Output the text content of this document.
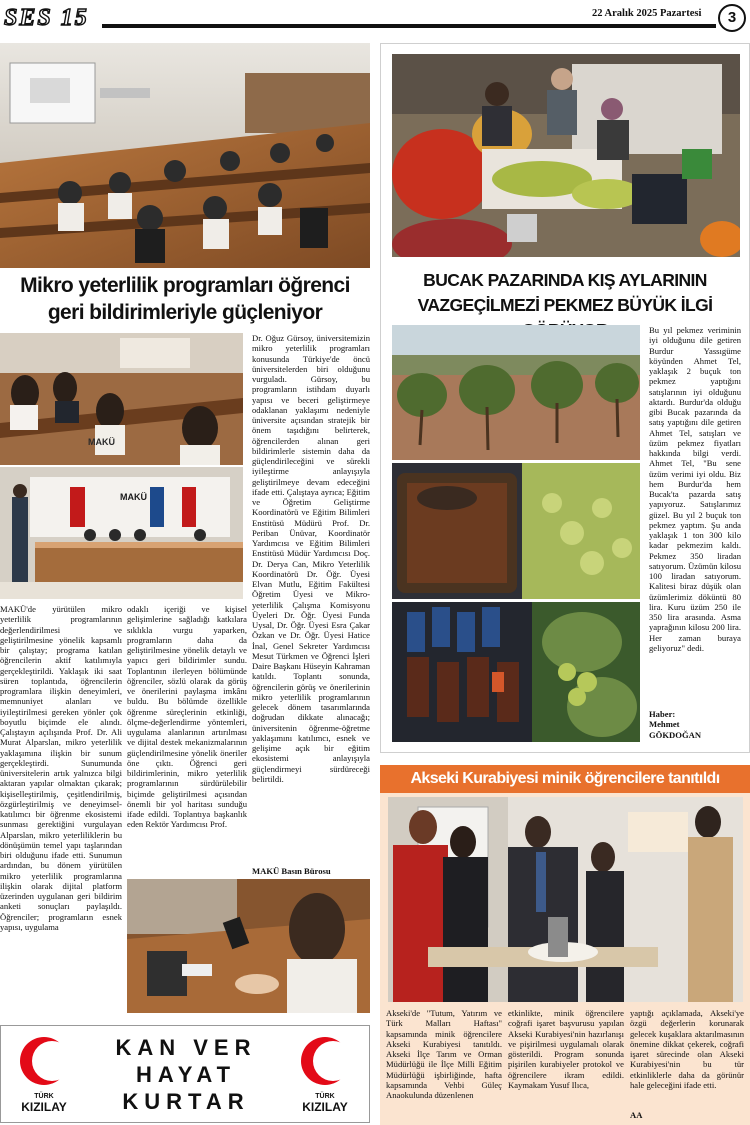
SES 15	22 Aralık 2025 Pazartesi	3
Mikro yeterlilik programları öğrenci geri bildirimleriyle güçleniyor
MAKÜ
MAKÜ
MAKÜ'de yürütülen mikro yeterlilik programlarının değerlendirilmesi ve geliştirilmesine yönelik kapsamlı bir çalıştay; programa katılan öğrencilerin aktif katılımıyla gerçekleştirildi. Yaklaşık iki saat süren toplantıda, öğrencilerin programlara ilişkin deneyimleri, memnuniyet alanları ve iyileştirilmesi gereken yönler çok boyutlu biçimde ele alındı. Çalıştayın açılışında Prof. Dr. Ali Murat Alparslan, mikro yeterlilik yaklaşımına ilişkin bir sunum gerçekleştirdi. Sunumunda üniversitelerin artık yalnızca bilgi aktaran yapılar olmaktan çıkarak; kişiselleştirilmiş, çeşitlendirilmiş, özgürleştirilmiş ve deneyimsel-katılımcı bir öğrenme ekosistemi sunması gerektiğini vurgulayan Alparslan, mikro yeterliliklerin bu dönüşümün temel yapı taşlarından biri olduğunu ifade etti. Sunumun ardından, bu dönem yürütülen mikro yeterlilik programlarına ilişkin olarak dijital platform üzerinden uygulanan geri bildirim anketi sonuçları paylaşıldı. Öğrenciler; programların esnek yapısı, uygulama
odaklı içeriği ve kişisel gelişimlerine sağladığı katkılara sıklıkla vurgu yaparken, programların daha da geliştirilmesine yönelik detaylı ve yapıcı geri bildirimler sundu. Toplantının ilerleyen bölümünde öğrenciler, sözlü olarak da görüş ve önerilerini paylaşma imkânı buldu. Bu bölümde özellikle öğrenme süreçlerinin etkinliği, ölçme-değerlendirme yöntemleri, uygulama alanlarının artırılması ve dijital destek mekanizmalarının güçlendirilmesine yönelik öneriler öne çıktı. Öğrenci geri bildirimlerinin, mikro yeterlilik programlarının sürdürülebilir biçimde geliştirilmesi açısından önemli bir yol haritası sunduğu ifade edildi. Toplantıya başkanlık eden Rektör Yardımcısı Prof.
Dr. Oğuz Gürsoy, üniversitemizin mikro yeterlilik programları konusunda Türkiye'de öncü üniversitelerden biri olduğunu vurguladı. Gürsoy, bu programların istihdam duyarlı yapısı ve beceri geliştirmeye odaklanan yaklaşımı nedeniyle üniversite açısından stratejik bir önem taşıdığını belirterek, öğrencilerden alınan geri bildirimlerle sistemin daha da güçlendirileceğini ve sürekli iyileştirme anlayışıyla geliştirilmeye devam edeceğini ifade etti. Çalıştaya ayrıca; Eğitim ve Öğretim Geliştirme Koordinatörü ve Eğitim Bilimleri Enstitüsü Müdürü Prof. Dr. Periban Ünüvar, Koordinatör Yardımcısı ve Eğitim Bilimleri Enstitüsü Müdür Yardımcısı Doç. Dr. Derya Can, Mikro Yeterlilik Koordinatörü Dr. Öğr. Üyesi Elvan Mutlu, Eğitim Fakültesi Öğretim Üyesi ve Mikro-yeterlilik Çalışma Komisyonu Üyeleri Dr. Öğr. Üyesi Funda Uysal, Dr. Öğr. Üyesi Esra Çakar Özkan ve Dr. Öğr. Üyesi Hatice İnal, Genel Sekreter Yardımcısı Mesut Türkmen ve Öğrenci İşleri Daire Başkanı Hüseyin Kahraman katıldı. Toplantı sonunda, öğrencilerin görüş ve önerilerinin mikro yeterlilik programlarının gelecek dönem tasarımlarında doğrudan dikkate alınacağı; üniversitenin öğrenme-öğretme yaklaşımını katılımcı, esnek ve gelişime açık bir eğitim ekosistemi anlayışıyla güçlendirmeyi sürdüreceği belirtildi.
MAKÜ Basın Bürosu
TÜRK
KIZILAY
KAN VER
HAYAT
KURTAR	TÜRK
KIZILAY
BUCAK PAZARINDA KIŞ AYLARININ
VAZGEÇİLMEZİ PEKMEZ BÜYÜK İLGİ
Bu yıl pekmez veriminin iyi olduğunu dile getiren Burdur Yassıgüme köyünden Ahmet Tel, yaklaşık 2 buçuk ton pekmez yaptığını satışlarının iyi olduğunu aktardı. Burdur'da olduğu gibi Bucak pazarında da satış yaptığını dile getiren Ahmet Tel, satışları ve üzüm pekmez fiyatları hakkında bilgi verdi. Ahmet Tel, "Bu sene üzüm verimi iyi oldu. Biz hem Burdur'da hem Bucak'ta pazarda satış yapıyoruz. Satışlarımız güzel. Bu yıl 2 buçuk ton pekmez yaptım. Şu anda yaklaşık 1 ton 300 kilo kadar pekmezim kaldı. Pekmez 350 liradan satıyorum. Üzümün kilosu 100 liradan satıyorum. Kalitesi biraz düşük olan üzümlerimiz döküntü 80 lira. Kuru üzüm 250 ile 350 lira arasında. Asma yaprağının kilosu 200 lira. Her zaman buraya geliyoruz" dedi.
Haber:
Mehmet
GÖKDOĞAN
Akseki Kurabiyesi minik öğrencilere tanıtıldı
Akseki'de "Tutum, Yatırım ve Türk Malları Haftası" kapsamında minik öğrencilere Akseki Kurabiyesi tanıtıldı. Akseki İlçe Tarım ve Orman Müdürlüğü ile İlçe Milli Eğitim Müdürlüğü işbirliğinde, hafta kapsamında Vehbi Güleç Anaokulunda düzenlenen
etkinlikte, minik öğrencilere coğrafi işaret başvurusu yapılan Akseki Kurabiyesi'nin hazırlanışı ve pişirilmesi uygulamalı olarak gösterildi. Program sonunda pişirilen kurabiyeler protokol ve öğrencilere ikram edildi. Kaymakam Yusuf Ilıca,
yaptığı açıklamada, Akseki'ye özgü değerlerin korunarak gelecek kuşaklara aktarılmasının önemine dikkat çekerek, coğrafi işaret sürecinde olan Akseki Kurabiyesi'nin bu tür etkinliklerle daha da görünür hale geleceğini ifade etti.
AA
